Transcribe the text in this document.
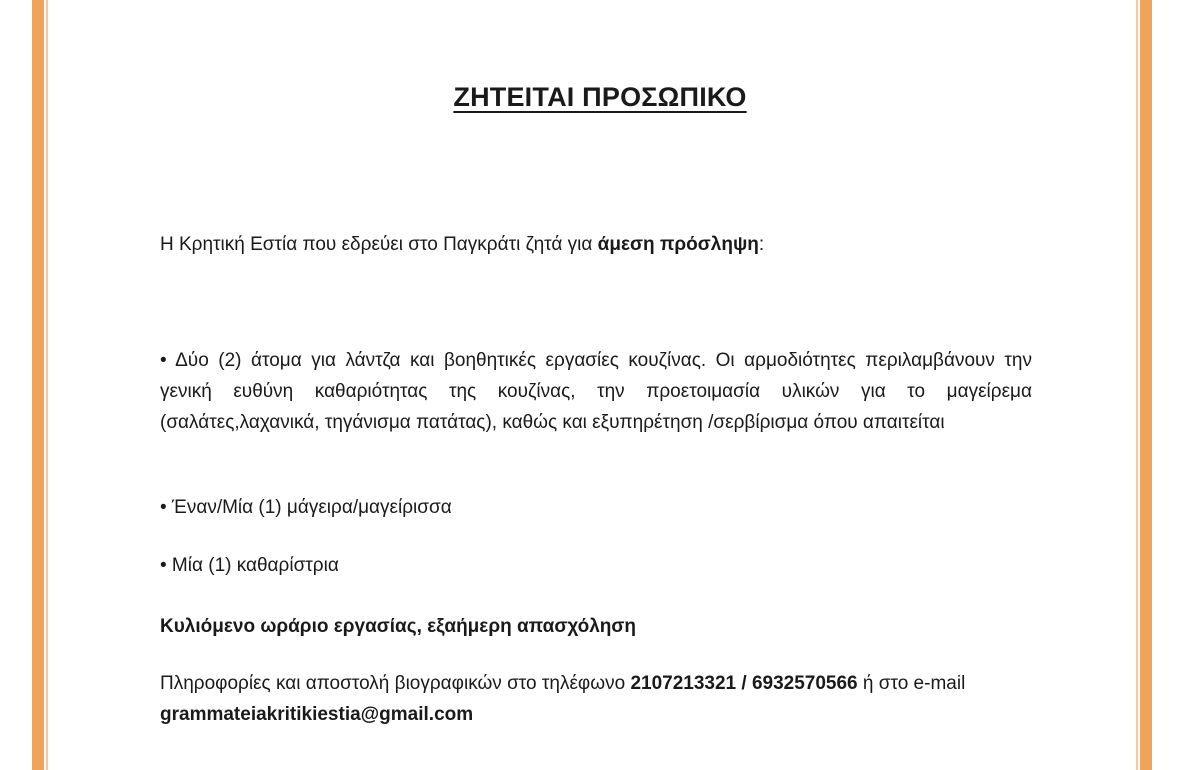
ΖΗΤΕΙΤΑΙ ΠΡΟΣΩΠΙΚΟ
Η Κρητική Εστία που εδρεύει στο Παγκράτι ζητά για άμεση πρόσληψη:
• Δύο (2) άτομα για λάντζα και βοηθητικές εργασίες κουζίνας. Οι αρμοδιότητες περιλαμβάνουν την γενική ευθύνη καθαριότητας της κουζίνας, την προετοιμασία υλικών για το μαγείρεμα (σαλάτες,λαχανικά, τηγάνισμα πατάτας), καθώς και εξυπηρέτηση /σερβίρισμα όπου απαιτείται
• Έναν/Μία (1) μάγειρα/μαγείρισσα
• Μία (1) καθαρίστρια
Κυλιόμενο ωράριο εργασίας, εξαήμερη απασχόληση
Πληροφορίες και αποστολή βιογραφικών στο τηλέφωνο 2107213321 / 6932570566 ή στο e-mail grammateiakritikiestia@gmail.com
